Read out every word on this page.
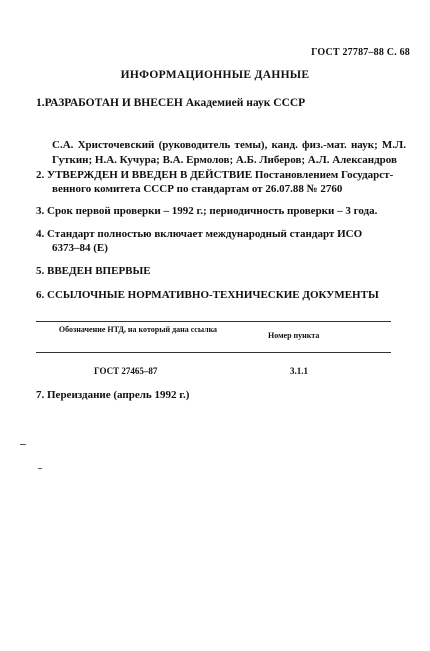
ГОСТ 27787–88 С. 68
ИНФОРМАЦИОННЫЕ ДАННЫЕ
1.РАЗРАБОТАН И ВНЕСЕН Академией наук СССР
С.А. Христочевский (руководитель темы), канд. физ.-мат. наук; М.Л. Гуткин; Н.А. Кучура; В.А. Ермолов; А.Б. Либеров; А.Л. Александров
2. УТВЕРЖДЕН И ВВЕДЕН В ДЕЙСТВИЕ Постановлением Государст-
венного комитета СССР по стандартам от 26.07.88 № 2760
3. Срок первой проверки – 1992 г.; периодичность проверки – 3 года.
4. Стандарт полностью включает международный стандарт ИСО
6373–84 (Е)
5. ВВЕДЕН ВПЕРВЫЕ
6. ССЫЛОЧНЫЕ НОРМАТИВНО-ТЕХНИЧЕСКИЕ ДОКУМЕНТЫ
Обозначение НТД, на который дана ссылка
Номер пункта
ГОСТ 27465–87	3.1.1
7. Переиздание (апрель 1992 г.)
